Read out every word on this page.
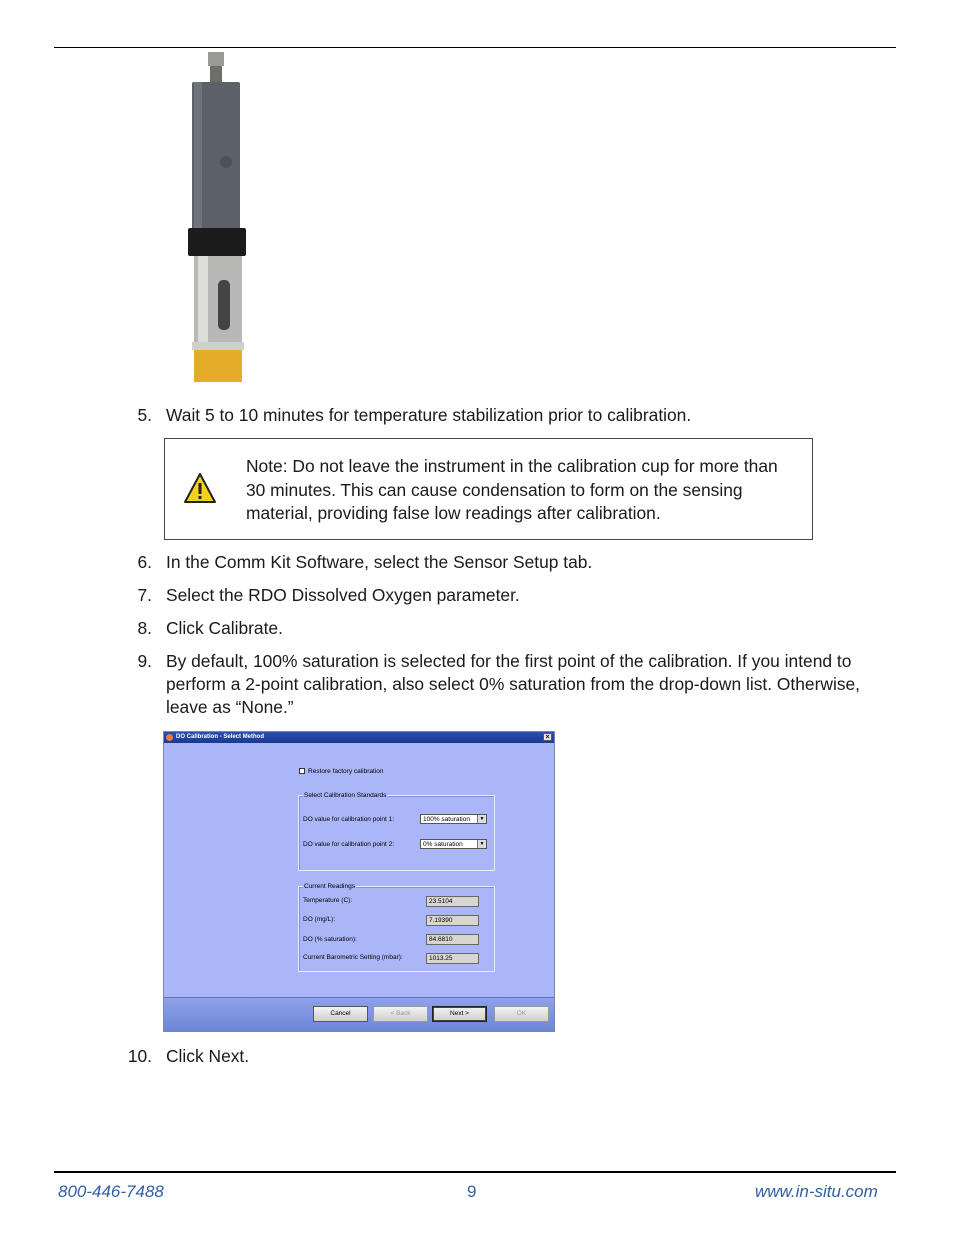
5. Wait 5 to 10 minutes for temperature stabilization prior to calibration.
Note: Do not leave the instrument in the calibration cup for more than 30 minutes. This can cause condensation to form on the sensing material, providing false low readings after calibration.
6. In the Comm Kit Software, select the Sensor Setup tab.
7. Select the RDO Dissolved Oxygen parameter.
8. Click Calibrate.
9. By default, 100% saturation is selected for the first point of the calibration. If you intend to perform a 2-point calibration, also select 0% saturation from the drop-down list. Otherwise, leave as “None.”
DO Calibration - Select Method	×
Restore factory calibration
Select Calibration Standards
DO value for calibration point 1:	100% saturation	▼
DO value for calibration point 2:	0% saturation	▼
Current Readings
Temperature (C):	23.5104
DO (mg/L):	7.19390
DO (% saturation):	84.6810
Current Barometric Setting (mbar):	1013.25
Cancel	< Back	Next >	OK
10. Click Next.
800-446-7488	9	www.in-situ.com
